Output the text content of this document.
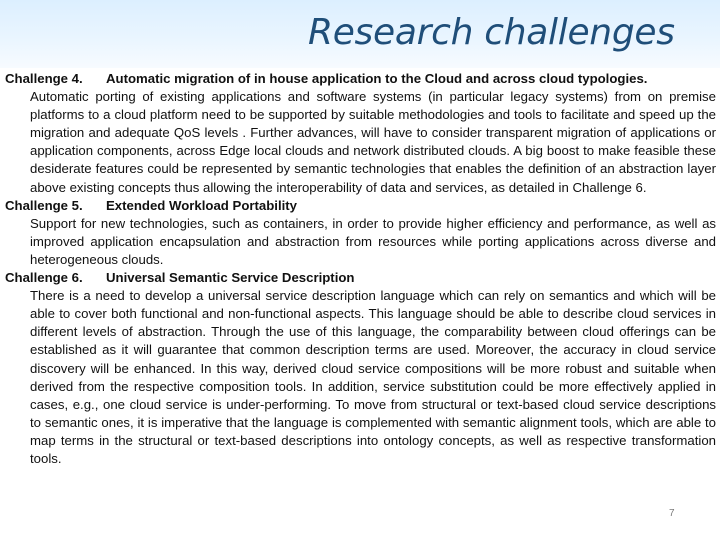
Research challenges
Challenge 4. Automatic migration of in house application to the Cloud and across cloud typologies.

Automatic porting of existing applications and software systems (in particular legacy systems) from on premise platforms to a cloud platform need to be supported by suitable methodologies and tools to facilitate and speed up the migration and adequate QoS levels . Further advances, will have to consider transparent migration of applications or application components, across Edge local clouds and network distributed clouds. A big boost to make feasible these desiderate features could be represented by semantic technologies that enables the definition of an abstraction layer above existing concepts thus allowing the interoperability of data and services, as detailed in Challenge 6.

Challenge 5. Extended Workload Portability

Support for new technologies, such as containers, in order to provide higher efficiency and performance, as well as improved application encapsulation and abstraction from resources while porting applications across diverse and heterogeneous clouds.

Challenge 6. Universal Semantic Service Description

There is a need to develop a universal service description language which can rely on semantics and which will be able to cover both functional and non-functional aspects. This language should be able to describe cloud services in different levels of abstraction. Through the use of this language, the comparability between cloud offerings can be established as it will guarantee that common description terms are used. Moreover, the accuracy in cloud service discovery will be enhanced. In this way, derived cloud service compositions will be more robust and suitable when derived from the respective composition tools. In addition, service substitution could be more effectively applied in cases, e.g., one cloud service is under-performing. To move from structural or text-based cloud service descriptions to semantic ones, it is imperative that the language is complemented with semantic alignment tools, which are able to map terms in the structural or text-based descriptions into ontology concepts, as well as respective transformation tools.

7
